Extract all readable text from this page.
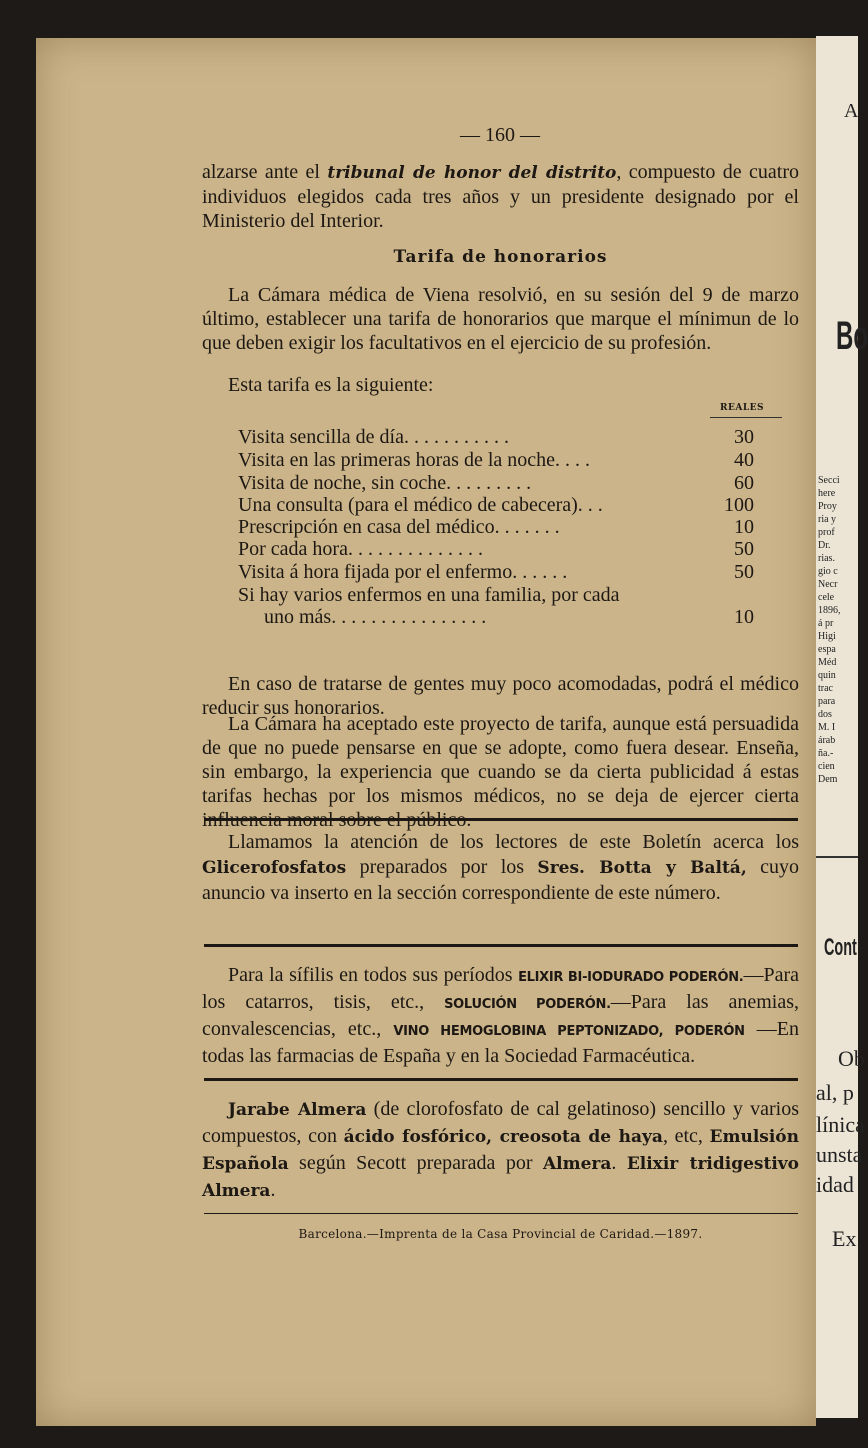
A
Bo
Secci
here
Proy
ria y
prof
Dr.
rias.
gio c
Necr
cele
1896,
á pr
Higi
espa
Méd
quin
trac
para
dos
M. I
árab
ña.-
cien
Dem
Cont
Ob
al, p
línica
unsta
idad
Ex
— 160 —
alzarse ante el tribunal de honor del distrito, compuesto de cuatro individuos elegidos cada tres años y un presidente designado por el Ministerio del Interior.
Tarifa de honorarios
La Cámara médica de Viena resolvió, en su sesión del 9 de marzo último, establecer una tarifa de honorarios que marque el mínimun de lo que deben exigir los facultativos en el ejercicio de su profesión.
Esta tarifa es la siguiente:
REALES
Visita sencilla de día. . . . . . . . . . .	30
Visita en las primeras horas de la noche. . . .	40
Visita de noche, sin coche. . . . . . . . .	60
Una consulta (para el médico de cabecera). . .	100
Prescripción en casa del médico. . . . . . .	10
Por cada hora. . . . . . . . . . . . . .	50
Visita á hora fijada por el enfermo. . . . . .	50
Si hay varios enfermos en una familia, por cada
uno más. . . . . . . . . . . . . . . .	10
En caso de tratarse de gentes muy poco acomodadas, podrá el médico reducir sus honorarios.
La Cámara ha aceptado este proyecto de tarifa, aunque está persuadida de que no puede pensarse en que se adopte, como fuera desear. Enseña, sin embargo, la experiencia que cuando se da cierta publicidad á estas tarifas hechas por los mismos médicos, no se deja de ejercer cierta influencia moral sobre el público.
Llamamos la atención de los lectores de este Boletín acerca los Glicerofosfatos preparados por los Sres. Botta y Baltá, cuyo anuncio va inserto en la sección correspondiente de este número.
Para la sífilis en todos sus períodos ELIXIR BI-IODURADO PODERÓN.—Para los catarros, tisis, etc., SOLUCIÓN PODERÓN.—Para las anemias, convalescencias, etc., VINO HEMOGLOBINA PEPTONIZADO, PODERÓN —En todas las farmacias de España y en la Sociedad Farmacéutica.
Jarabe Almera (de clorofosfato de cal gelatinoso) sencillo y varios compuestos, con ácido fosfórico, creosota de haya, etc, Emulsión Española según Secott preparada por Almera. Elixir tridigestivo Almera.
Barcelona.—Imprenta de la Casa Provincial de Caridad.—1897.
